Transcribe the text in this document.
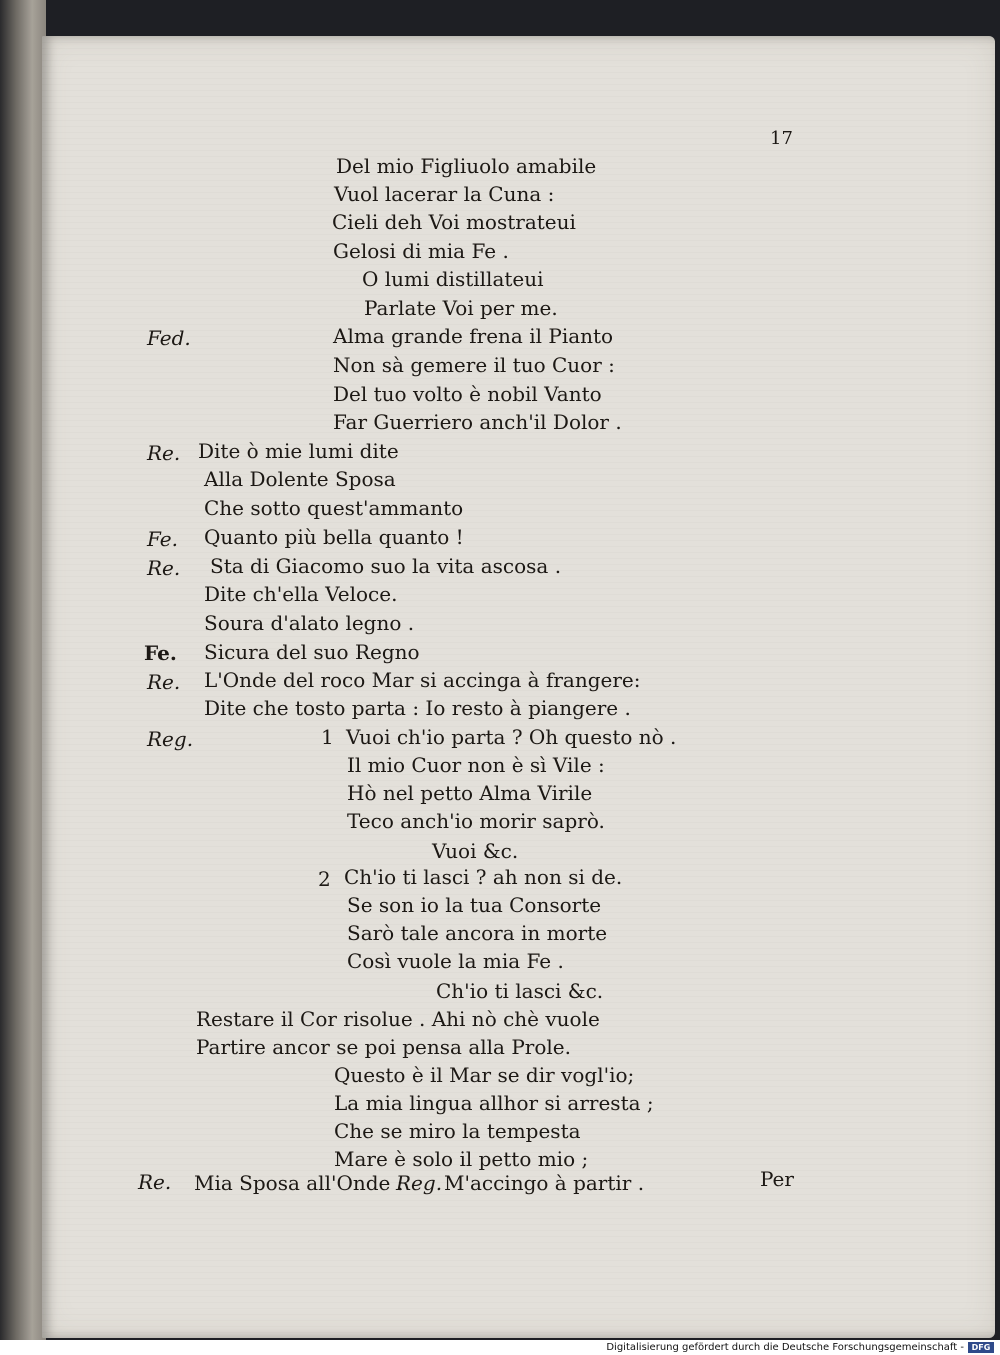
17
Del mio Figliuolo amabile
Vuol lacerar la Cuna :
Cieli deh Voi mostrateui
Gelosi di mia Fe .
O lumi distillateui
Parlate Voi per me.
Fed.	Alma grande frena il Pianto
Non sà gemere il tuo Cuor :
Del tuo volto è nobil Vanto
Far Guerriero anch'il Dolor .
Re. Dite ò mie lumi dite
Alla Dolente Sposa
Che sotto quest'ammanto
Fe. Quanto più bella quanto !
Re. Sta di Giacomo suo la vita ascosa .
Dite ch'ella Veloce.
Soura d'alato legno .
Fe. Sicura del suo Regno
Re. L'Onde del roco Mar si accinga à frangere:
Dite che tosto parta : Io resto à piangere .
Reg.	1 Vuoi ch'io parta ? Oh questo nò .
Il mio Cuor non è sì Vile :
Hò nel petto Alma Virile
Teco anch'io morir saprò.
Vuoi &c.
2 Ch'io ti lasci ? ah non si de.
Se son io la tua Consorte
Sarò tale ancora in morte
Così vuole la mia Fe .
Ch'io ti lasci &c.
Restare il Cor risolue . Ahi nò chè vuole
Partire ancor se poi pensa alla Prole.
Questo è il Mar se dir vogl'io;
La mia lingua allhor si arresta ;
Che se miro la tempesta
Mare è solo il petto mio ;
Re. Mia Sposa all'Onde :
Reg. M'accingo à partir .	Per
Digitalisierung gefördert durch die Deutsche Forschungsgemeinschaft - DFG
